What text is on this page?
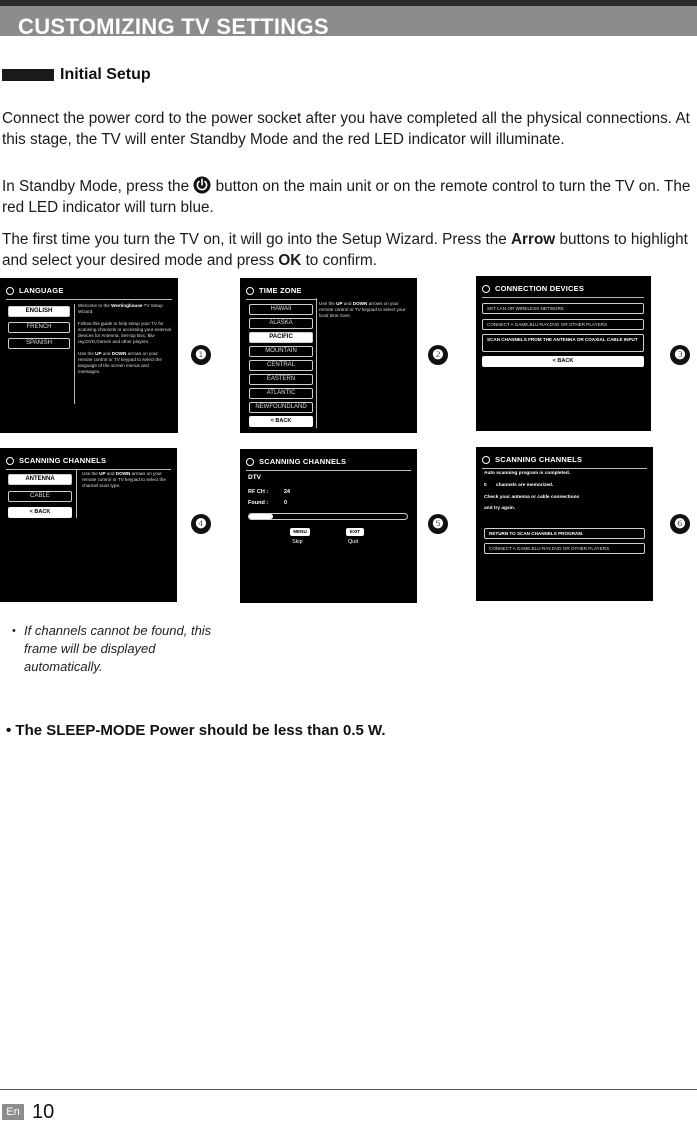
CUSTOMIZING TV SETTINGS
Initial Setup
Connect the power cord to the power socket after you have completed all the physical connections. At this stage, the TV will enter Standby Mode and the red LED indicator will illuminate.
In Standby Mode, press the button on the main unit or on the remote control to turn the TV on. The red LED indicator will turn blue.
The first time you turn the TV on, it will go into the Setup Wizard. Press the Arrow buttons to highlight and select your desired mode and press OK to confirm.
LANGUAGE
ENGLISH
FRENCH
SPANISH
Welcome to the Westinghouse TV Setup Wizard.

Follow this guide to help setup your TV for scanning channels or accessing your external devices for Antenna, Set-top Box, Blu-ray,DVD,Games and other players.

Use the UP and DOWN arrows on your remote control or TV keypad to select the language of the screen menus and messages.
❶
TIME ZONE
HAWAII
ALASKA
PACIFIC
MOUNTAIN
CENTRAL
EASTERN
ATLANTIC
NEWFOUNDLAND
< BACK
Use the UP and DOWN arrows on your remote control or TV keypad to select your local time zone.
❷
CONNECTION DEVICES
SET LAN OR WIRELESS NETWORK
CONNECT A GAME,BLU-RAY,DVD OR OTHER PLAYERS
SCAN CHANNELS FROM THE ANTENNA OR COAXIAL CABLE INPUT
< BACK	❸
SCANNING CHANNELS
ANTENNA
CABLE
< BACK
Use the UP and DOWN arrows on your remote control or TV keypad to select the channel scan type.
❹
SCANNING CHANNELS
DTV
RF CH :	24
Found :	0
MENU
Skip
EXIT
Quit
❺
SCANNING CHANNELS
Auto scanning program is completed.
0 channels are memorized.
Check your antenna or cable connections
and try again.
RETURN TO SCAN CHANNELS PROGRAM.
CONNECT A GAME,BLU-RAY,DVD OR OTHER PLAYERS
❻
• If channels cannot be found, this frame will be displayed automatically.
• The SLEEP-MODE Power should be less than 0.5 W.
En 10
